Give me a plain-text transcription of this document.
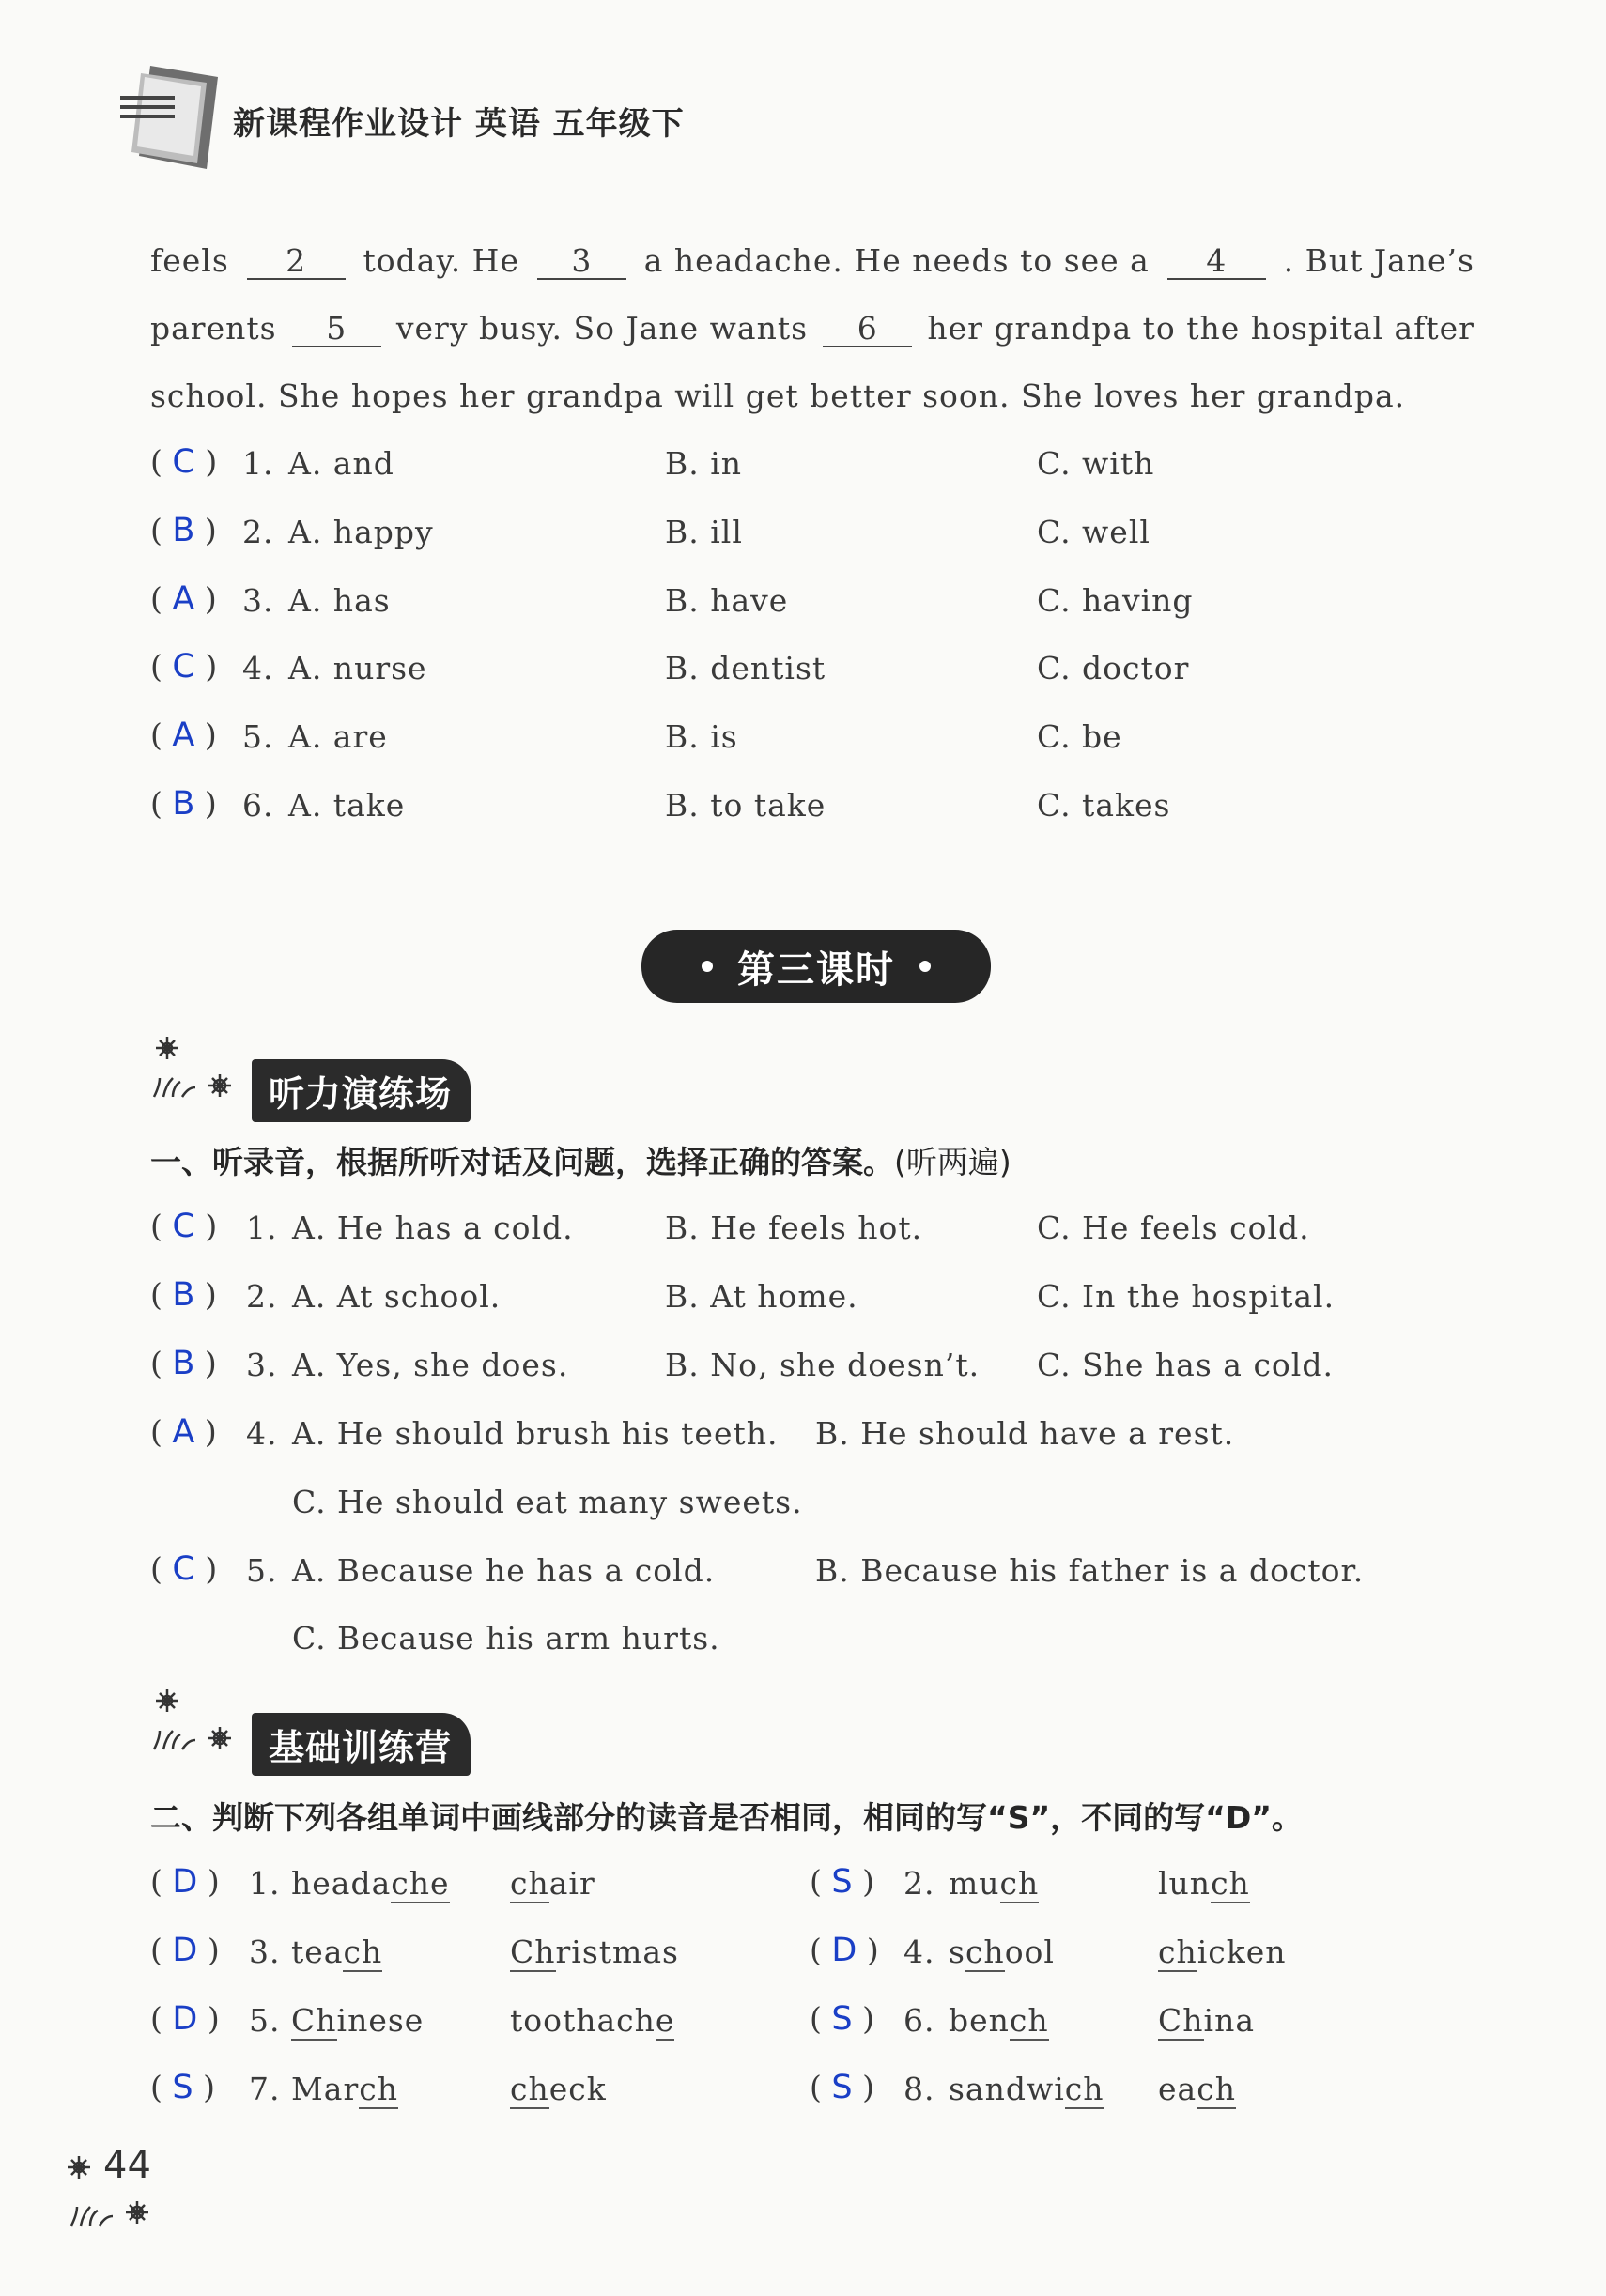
新课程作业设计 英语 五年级下
feels	2	today. He	3	a headache. He needs to see a	4	. But Jane’s
parents	5	very busy. So Jane wants	6	her grandpa to the hospital after
school. She hopes her grandpa will get better soon. She loves her grandpa.
( C ) 1. A. and	B. in	C. with
( B ) 2. A. happy	B. ill	C. well
( A ) 3. A. has	B. have	C. having
( C ) 4. A. nurse	B. dentist	C. doctor
( A ) 5. A. are	B. is	C. be
( B ) 6. A. take	B. to take	C. takes
第三课时
听力演练场
一、听录音，根据所听对话及问题，选择正确的答案。(听两遍)
( C ) 1. A. He has a cold.	B. He feels hot.	C. He feels cold.
( B ) 2. A. At school.	B. At home.	C. In the hospital.
( B ) 3. A. Yes, she does.	B. No, she doesn’t. C. She has a cold.
( A ) 4. A. He should brush his teeth. B. He should have a rest.
C. He should eat many sweets.
( C ) 5. A. Because he has a cold.	B. Because his father is a doctor.
C. Because his arm hurts.
基础训练营
二、判断下列各组单词中画线部分的读音是否相同，相同的写“S”，不同的写“D”。
( D ) 1. headache chair	( S ) 2. much	lunch
( D ) 3. teach	Christmas	( D ) 4. school	chicken
( D ) 5. Chinese	toothache	( S ) 6. bench	China
( S ) 7. March	check	( S ) 8. sandwich each
44
